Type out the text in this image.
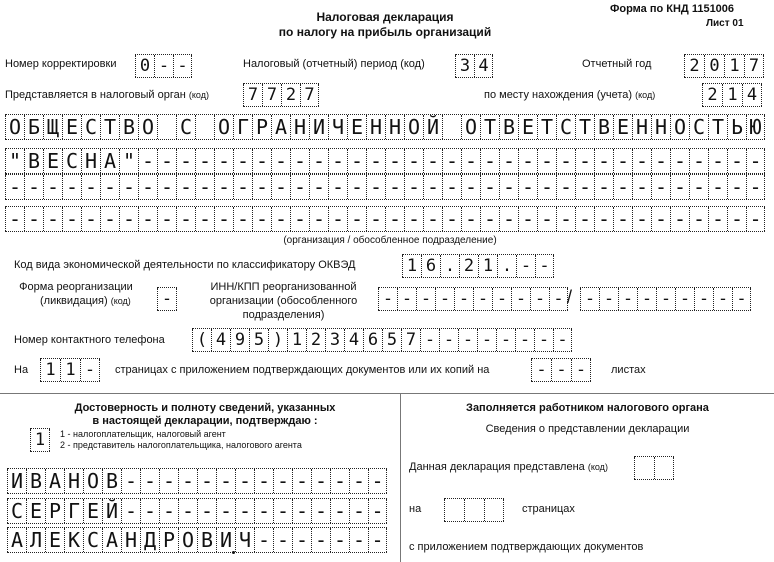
Налоговая декларация
по налогу на прибыль организаций
Форма по КНД 1151006
Лист 01
Номер корректировки 0 - -	Налоговый (отчетный) период (код) 3 4	Отчетный год	2 0 1 7
Представляется в налоговый орган (код) 7 7 2 7	по месту нахождения (учета) (код)	2 1 4
О Б Щ Е С Т В О С О Г Р А Н И Ч Е Н Н О Й О Т В Е Т С Т В Е Н Н О С Т Ь Ю
" В Е С Н А " - - - - - - - - - - - - - - - - - - - - - - - - - - - - - - - - -
- - - - - - - - - - - - - - - - - - - - - - - - - - - - - - - - - - - - - - - -
- - - - - - - - - - - - - - - - - - - - - - - - - - - - - - - - - - - - - - - -
(организация / обособленное подразделение)
Код вида экономической деятельности по классификатору ОКВЭД	1 6 . 2 1 . - -
Форма реорганизации
(ликвидация) (код) -
ИНН/КПП реорганизованной
организации (обособленного
подразделения)
- - - - - - - - - - / - - - - - - - - -
Номер контактного телефона ( 4 9 5 ) 1 2 3 4 6 5 7 - - - - - - - -
На	1 1 -	страницах с приложением подтверждающих документов или их копий на	- - -	листах
Достоверность и полноту сведений, указанных
в настоящей декларации, подтверждаю :
1	1 - налогоплательщик, налоговый агент
2 - представитель налогоплательщика, налогового агента
И В А Н О В - - - - - - - - - - - - - -
С Е Р Г Е Й - - - - - - - - - - - - - -
А Л Е К С А Н Д Р О В И Ч - - - - - - -
Заполняется работником налогового органа
Сведения о представлении декларации
Данная декларация представлена (код)
на	страницах
с приложением подтверждающих документов
